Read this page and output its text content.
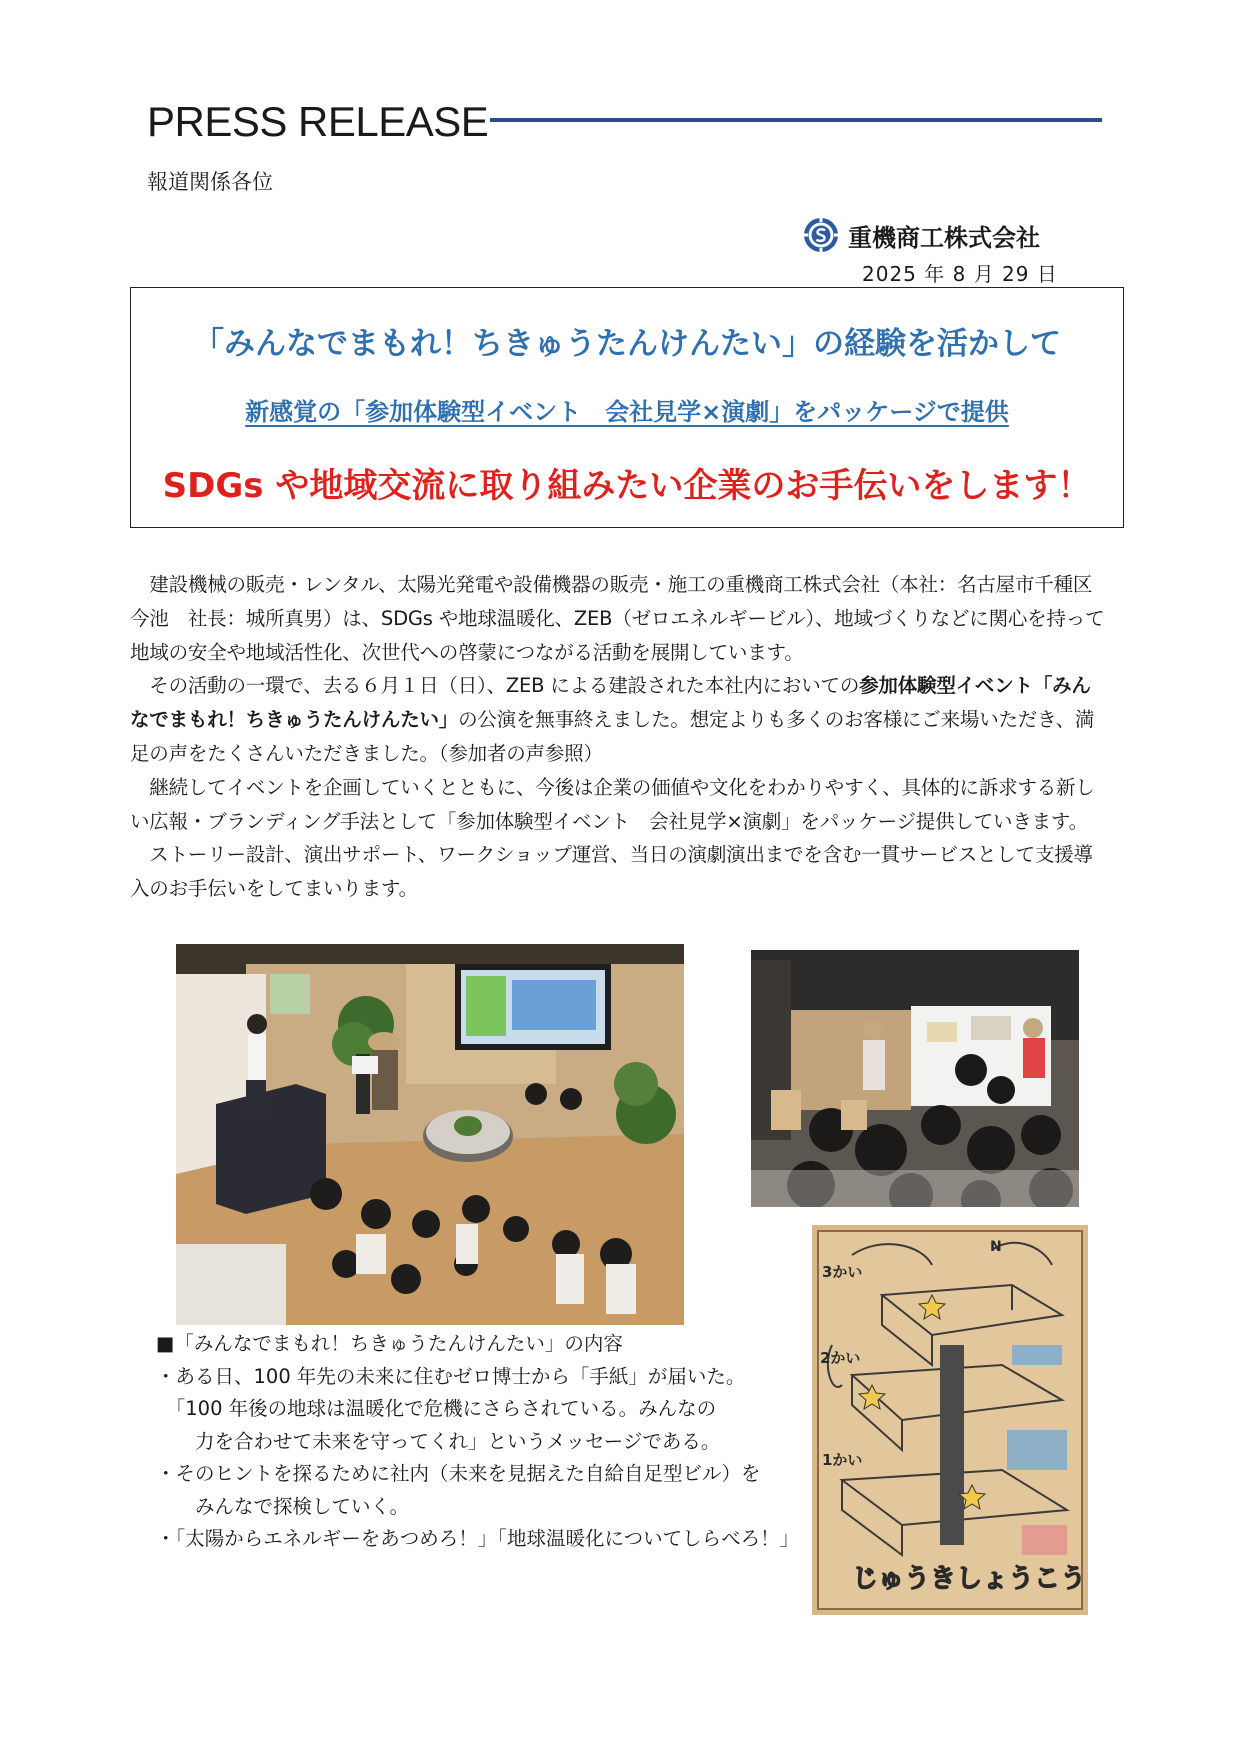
PRESS RELEASE
報道関係各位
重機商工株式会社
2025 年 8 月 29 日
「みんなでまもれ！ちきゅうたんけんたい」の経験を活かして
新感覚の「参加体験型イベント　会社見学×演劇」をパッケージで提供
SDGs や地域交流に取り組みたい企業のお手伝いをします！

　建設機械の販売・レンタル、太陽光発電や設備機器の販売・施工の重機商工株式会社（本社：名古屋市千種区今池　社長：城所真男）は、SDGs や地球温暖化、ZEB（ゼロエネルギービル）、地域づくりなどに関心を持って地域の安全や地域活性化、次世代への啓蒙につながる活動を展開しています。

　その活動の一環で、去る６月１日（日）、ZEB による建設された本社内においての参加体験型イベント「みんなでまもれ！ちきゅうたんけんたい」の公演を無事終えました。想定よりも多くのお客様にご来場いただき、満足の声をたくさんいただきました。（参加者の声参照）

　継続してイベントを企画していくとともに、今後は企業の価値や文化をわかりやすく、具体的に訴求する新しい広報・ブランディング手法として「参加体験型イベント　会社見学×演劇」をパッケージ提供していきます。

　ストーリー設計、演出サポート、ワークショップ運営、当日の演劇演出までを含む一貫サービスとして支援導入のお手伝いをしてまいります。

3かい
2かい
1かい
N
じゅうきしょうこう
■「みんなでまもれ！ちきゅうたんけんたい」の内容
・ある日、100 年先の未来に住むゼロ博士から「手紙」が届いた。
　「100 年後の地球は温暖化で危機にさらされている。みんなの
　　力を合わせて未来を守ってくれ」というメッセージである。
・そのヒントを探るために社内（未来を見据えた自給自足型ビル）を
　　みんなで探検していく。
・「太陽からエネルギーをあつめろ！」「地球温暖化についてしらべろ！」
